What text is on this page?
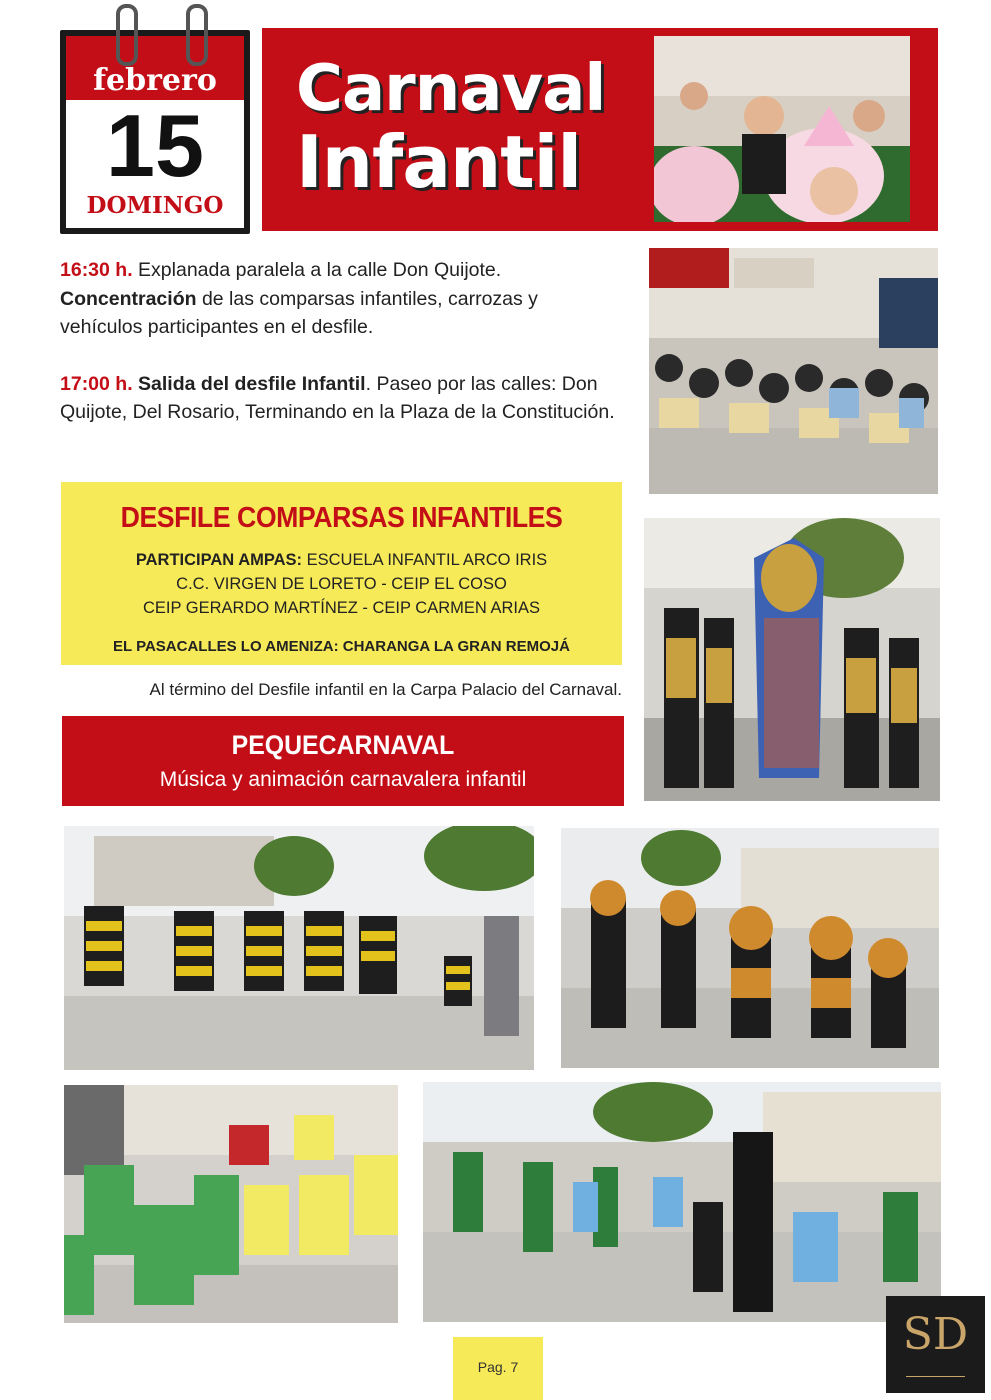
febrero
15
DOMINGO
Carnaval
Infantil

16:30 h. Explanada paralela a la calle Don Quijote.
Concentración de las comparsas infantiles, carrozas y vehículos participantes en el desfile.

17:00 h. Salida del desfile Infantil. Paseo por las calles: Don Quijote, Del Rosario, Terminando en la Plaza de la Constitución.

DESFILE COMPARSAS INFANTILES
PARTICIPAN AMPAS: ESCUELA INFANTIL ARCO IRIS
C.C. VIRGEN DE LORETO - CEIP EL COSO
CEIP GERARDO MARTÍNEZ - CEIP CARMEN ARIAS
EL PASACALLES LO AMENIZA: CHARANGA LA GRAN REMOJÁ
Al término del Desfile infantil en la Carpa Palacio del Carnaval.
PEQUECARNAVAL
Música y animación carnavalera infantil
Pag. 7
SD
